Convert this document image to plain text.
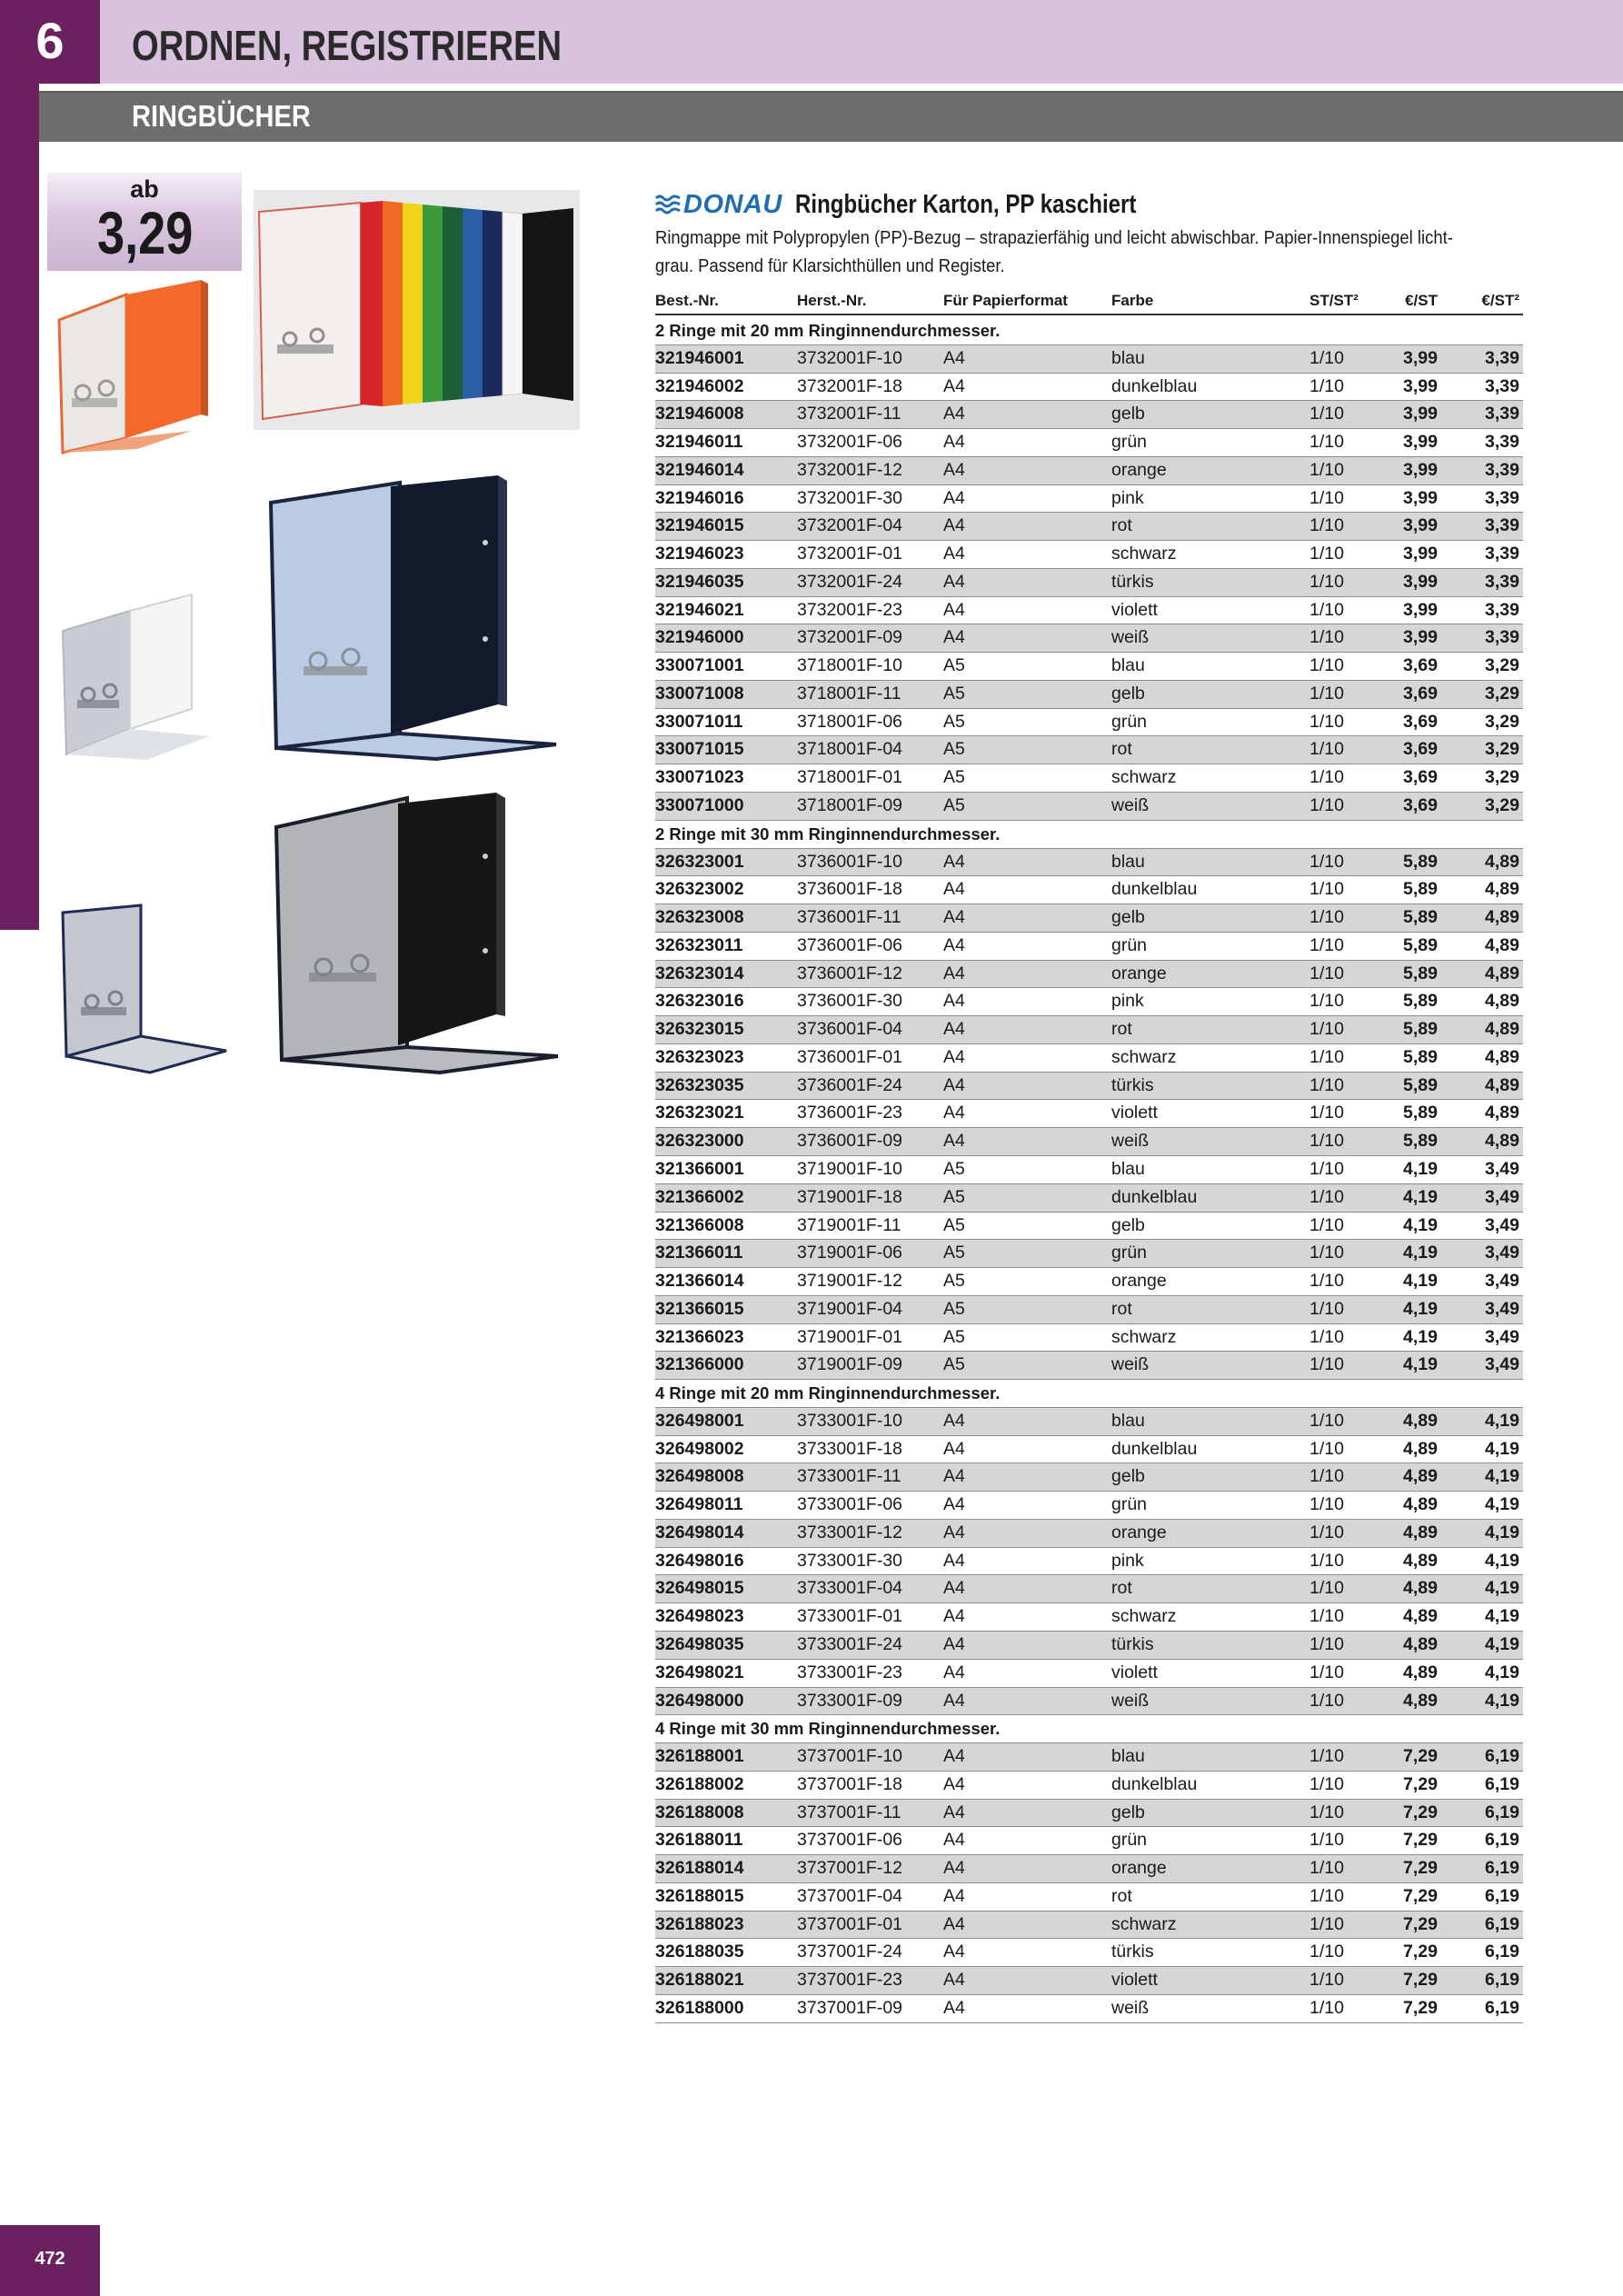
6	ORDNEN, REGISTRIEREN
RINGBÜCHER
ab
3,29	DONAU Ringbücher Karton, PP kaschiert
Ringmappe mit Polypropylen (PP)-Bezug – strapazierfähig und leicht abwischbar. Papier-Innenspiegel licht-
grau. Passend für Klarsichthüllen und Register.
Best.-Nr.	Herst.-Nr.	Für Papierformat	Farbe	ST/ST²	€/ST	€/ST²
2 Ringe mit 20 mm Ringinnendurchmesser.
321946001	3732001F-10	A4	blau	1/10	3,99	3,39
321946002	3732001F-18	A4	dunkelblau	1/10	3,99	3,39
321946008	3732001F-11	A4	gelb	1/10	3,99	3,39
321946011	3732001F-06	A4	grün	1/10	3,99	3,39
321946014	3732001F-12	A4	orange	1/10	3,99	3,39
321946016	3732001F-30	A4	pink	1/10	3,99	3,39
321946015	3732001F-04	A4	rot	1/10	3,99	3,39
321946023	3732001F-01	A4	schwarz	1/10	3,99	3,39
321946035	3732001F-24	A4	türkis	1/10	3,99	3,39
321946021	3732001F-23	A4	violett	1/10	3,99	3,39
321946000	3732001F-09	A4	weiß	1/10	3,99	3,39
330071001	3718001F-10	A5	blau	1/10	3,69	3,29
330071008	3718001F-11	A5	gelb	1/10	3,69	3,29
330071011	3718001F-06	A5	grün	1/10	3,69	3,29
330071015	3718001F-04	A5	rot	1/10	3,69	3,29
330071023	3718001F-01	A5	schwarz	1/10	3,69	3,29
330071000	3718001F-09	A5	weiß	1/10	3,69	3,29
2 Ringe mit 30 mm Ringinnendurchmesser.
326323001	3736001F-10	A4	blau	1/10	5,89	4,89
326323002	3736001F-18	A4	dunkelblau	1/10	5,89	4,89
326323008	3736001F-11	A4	gelb	1/10	5,89	4,89
326323011	3736001F-06	A4	grün	1/10	5,89	4,89
326323014	3736001F-12	A4	orange	1/10	5,89	4,89
326323016	3736001F-30	A4	pink	1/10	5,89	4,89
326323015	3736001F-04	A4	rot	1/10	5,89	4,89
326323023	3736001F-01	A4	schwarz	1/10	5,89	4,89
326323035	3736001F-24	A4	türkis	1/10	5,89	4,89
326323021	3736001F-23	A4	violett	1/10	5,89	4,89
326323000	3736001F-09	A4	weiß	1/10	5,89	4,89
321366001	3719001F-10	A5	blau	1/10	4,19	3,49
321366002	3719001F-18	A5	dunkelblau	1/10	4,19	3,49
321366008	3719001F-11	A5	gelb	1/10	4,19	3,49
321366011	3719001F-06	A5	grün	1/10	4,19	3,49
321366014	3719001F-12	A5	orange	1/10	4,19	3,49
321366015	3719001F-04	A5	rot	1/10	4,19	3,49
321366023	3719001F-01	A5	schwarz	1/10	4,19	3,49
321366000	3719001F-09	A5	weiß	1/10	4,19	3,49
4 Ringe mit 20 mm Ringinnendurchmesser.
326498001	3733001F-10	A4	blau	1/10	4,89	4,19
326498002	3733001F-18	A4	dunkelblau	1/10	4,89	4,19
326498008	3733001F-11	A4	gelb	1/10	4,89	4,19
326498011	3733001F-06	A4	grün	1/10	4,89	4,19
326498014	3733001F-12	A4	orange	1/10	4,89	4,19
326498016	3733001F-30	A4	pink	1/10	4,89	4,19
326498015	3733001F-04	A4	rot	1/10	4,89	4,19
326498023	3733001F-01	A4	schwarz	1/10	4,89	4,19
326498035	3733001F-24	A4	türkis	1/10	4,89	4,19
326498021	3733001F-23	A4	violett	1/10	4,89	4,19
326498000	3733001F-09	A4	weiß	1/10	4,89	4,19
4 Ringe mit 30 mm Ringinnendurchmesser.
326188001	3737001F-10	A4	blau	1/10	7,29	6,19
326188002	3737001F-18	A4	dunkelblau	1/10	7,29	6,19
326188008	3737001F-11	A4	gelb	1/10	7,29	6,19
326188011	3737001F-06	A4	grün	1/10	7,29	6,19
326188014	3737001F-12	A4	orange	1/10	7,29	6,19
326188015	3737001F-04	A4	rot	1/10	7,29	6,19
326188023	3737001F-01	A4	schwarz	1/10	7,29	6,19
326188035	3737001F-24	A4	türkis	1/10	7,29	6,19
326188021	3737001F-23	A4	violett	1/10	7,29	6,19
326188000	3737001F-09	A4	weiß	1/10	7,29	6,19
472
